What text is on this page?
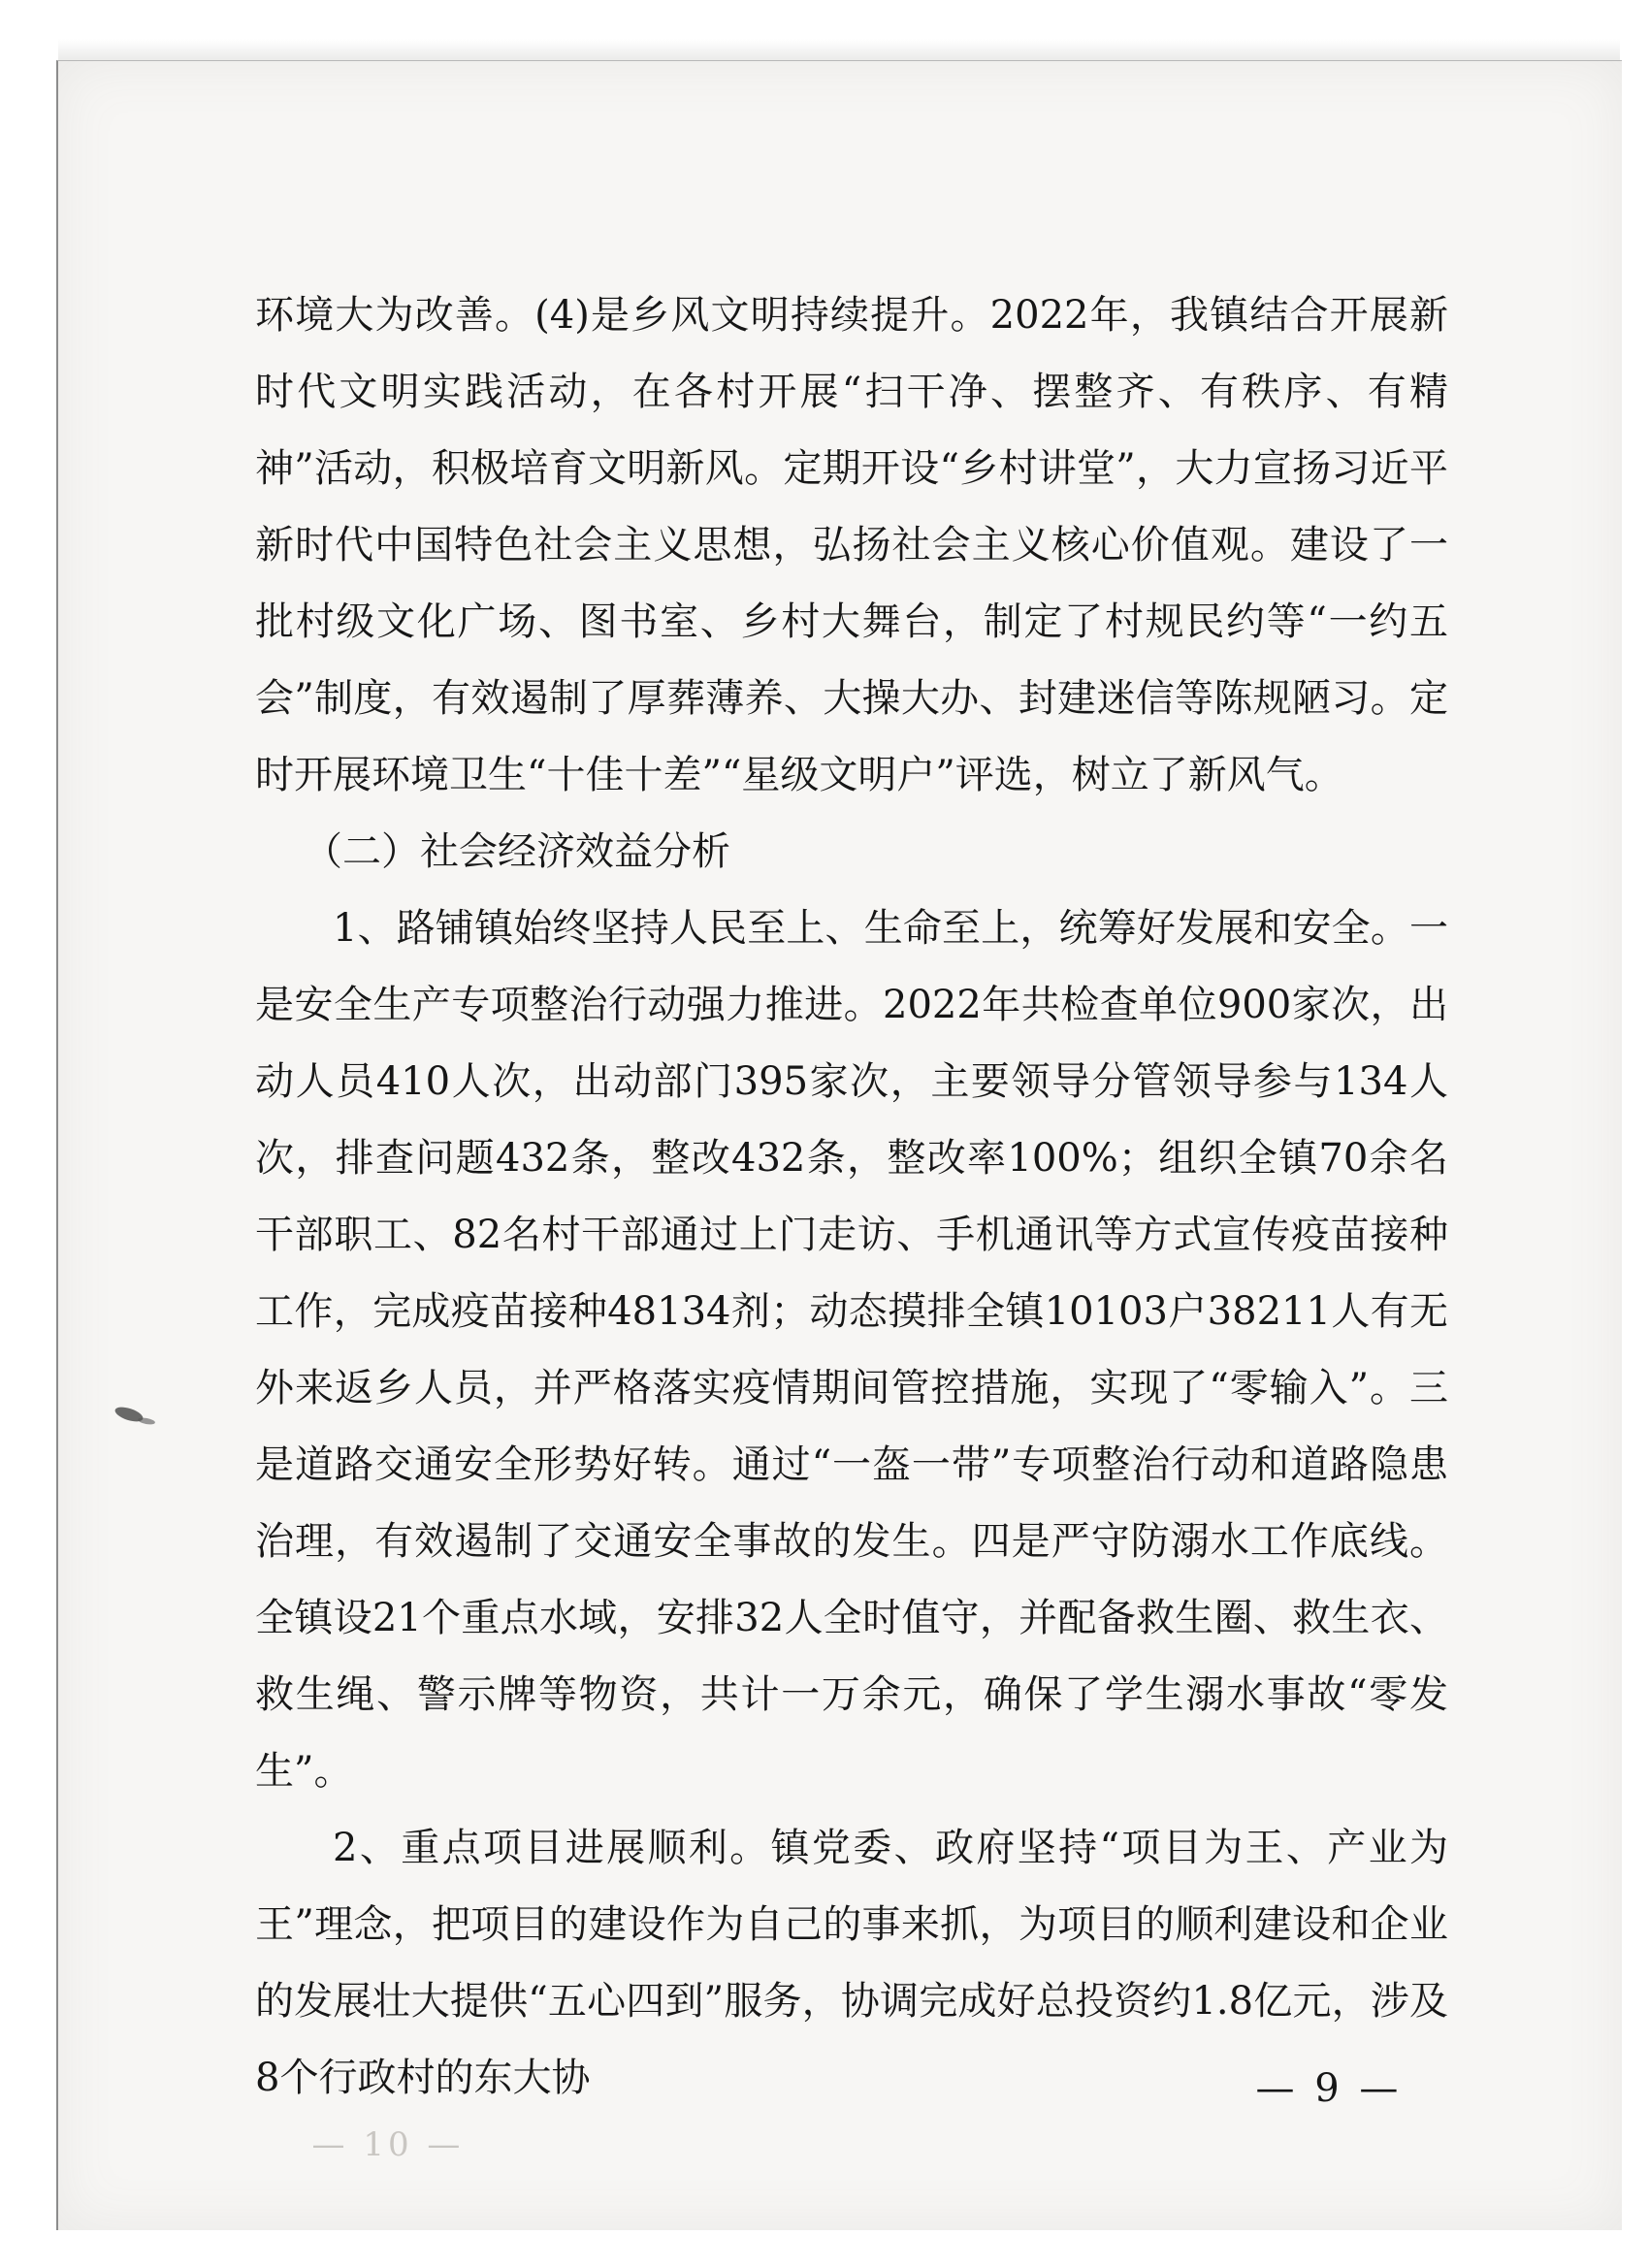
— 10 —

环境大为改善。(4)是乡风文明持续提升。2022年，我镇结合开展新时代文明实践活动，在各村开展“扫干净、摆整齐、有秩序、有精神”活动，积极培育文明新风。定期开设“乡村讲堂”，大力宣扬习近平新时代中国特色社会主义思想，弘扬社会主义核心价值观。建设了一批村级文化广场、图书室、乡村大舞台，制定了村规民约等“一约五会”制度，有效遏制了厚葬薄养、大操大办、封建迷信等陈规陋习。定时开展环境卫生“十佳十差”“星级文明户”评选，树立了新风气。

（二）社会经济效益分析

1、路铺镇始终坚持人民至上、生命至上，统筹好发展和安全。一是安全生产专项整治行动强力推进。2022年共检查单位900家次，出动人员410人次，出动部门395家次，主要领导分管领导参与134人次，排查问题432条，整改432条，整改率100%；组织全镇70余名干部职工、82名村干部通过上门走访、手机通讯等方式宣传疫苗接种工作，完成疫苗接种48134剂；动态摸排全镇10103户38211人有无外来返乡人员，并严格落实疫情期间管控措施，实现了“零输入”。三是道路交通安全形势好转。通过“一盔一带”专项整治行动和道路隐患治理，有效遏制了交通安全事故的发生。四是严守防溺水工作底线。全镇设21个重点水域，安排32人全时值守，并配备救生圈、救生衣、救生绳、警示牌等物资，共计一万余元，确保了学生溺水事故“零发生”。

2、重点项目进展顺利。镇党委、政府坚持“项目为王、产业为王”理念，把项目的建设作为自己的事来抓，为项目的顺利建设和企业的发展壮大提供“五心四到”服务，协调完成好总投资约1.8亿元，涉及8个行政村的东大协	— 9 —
